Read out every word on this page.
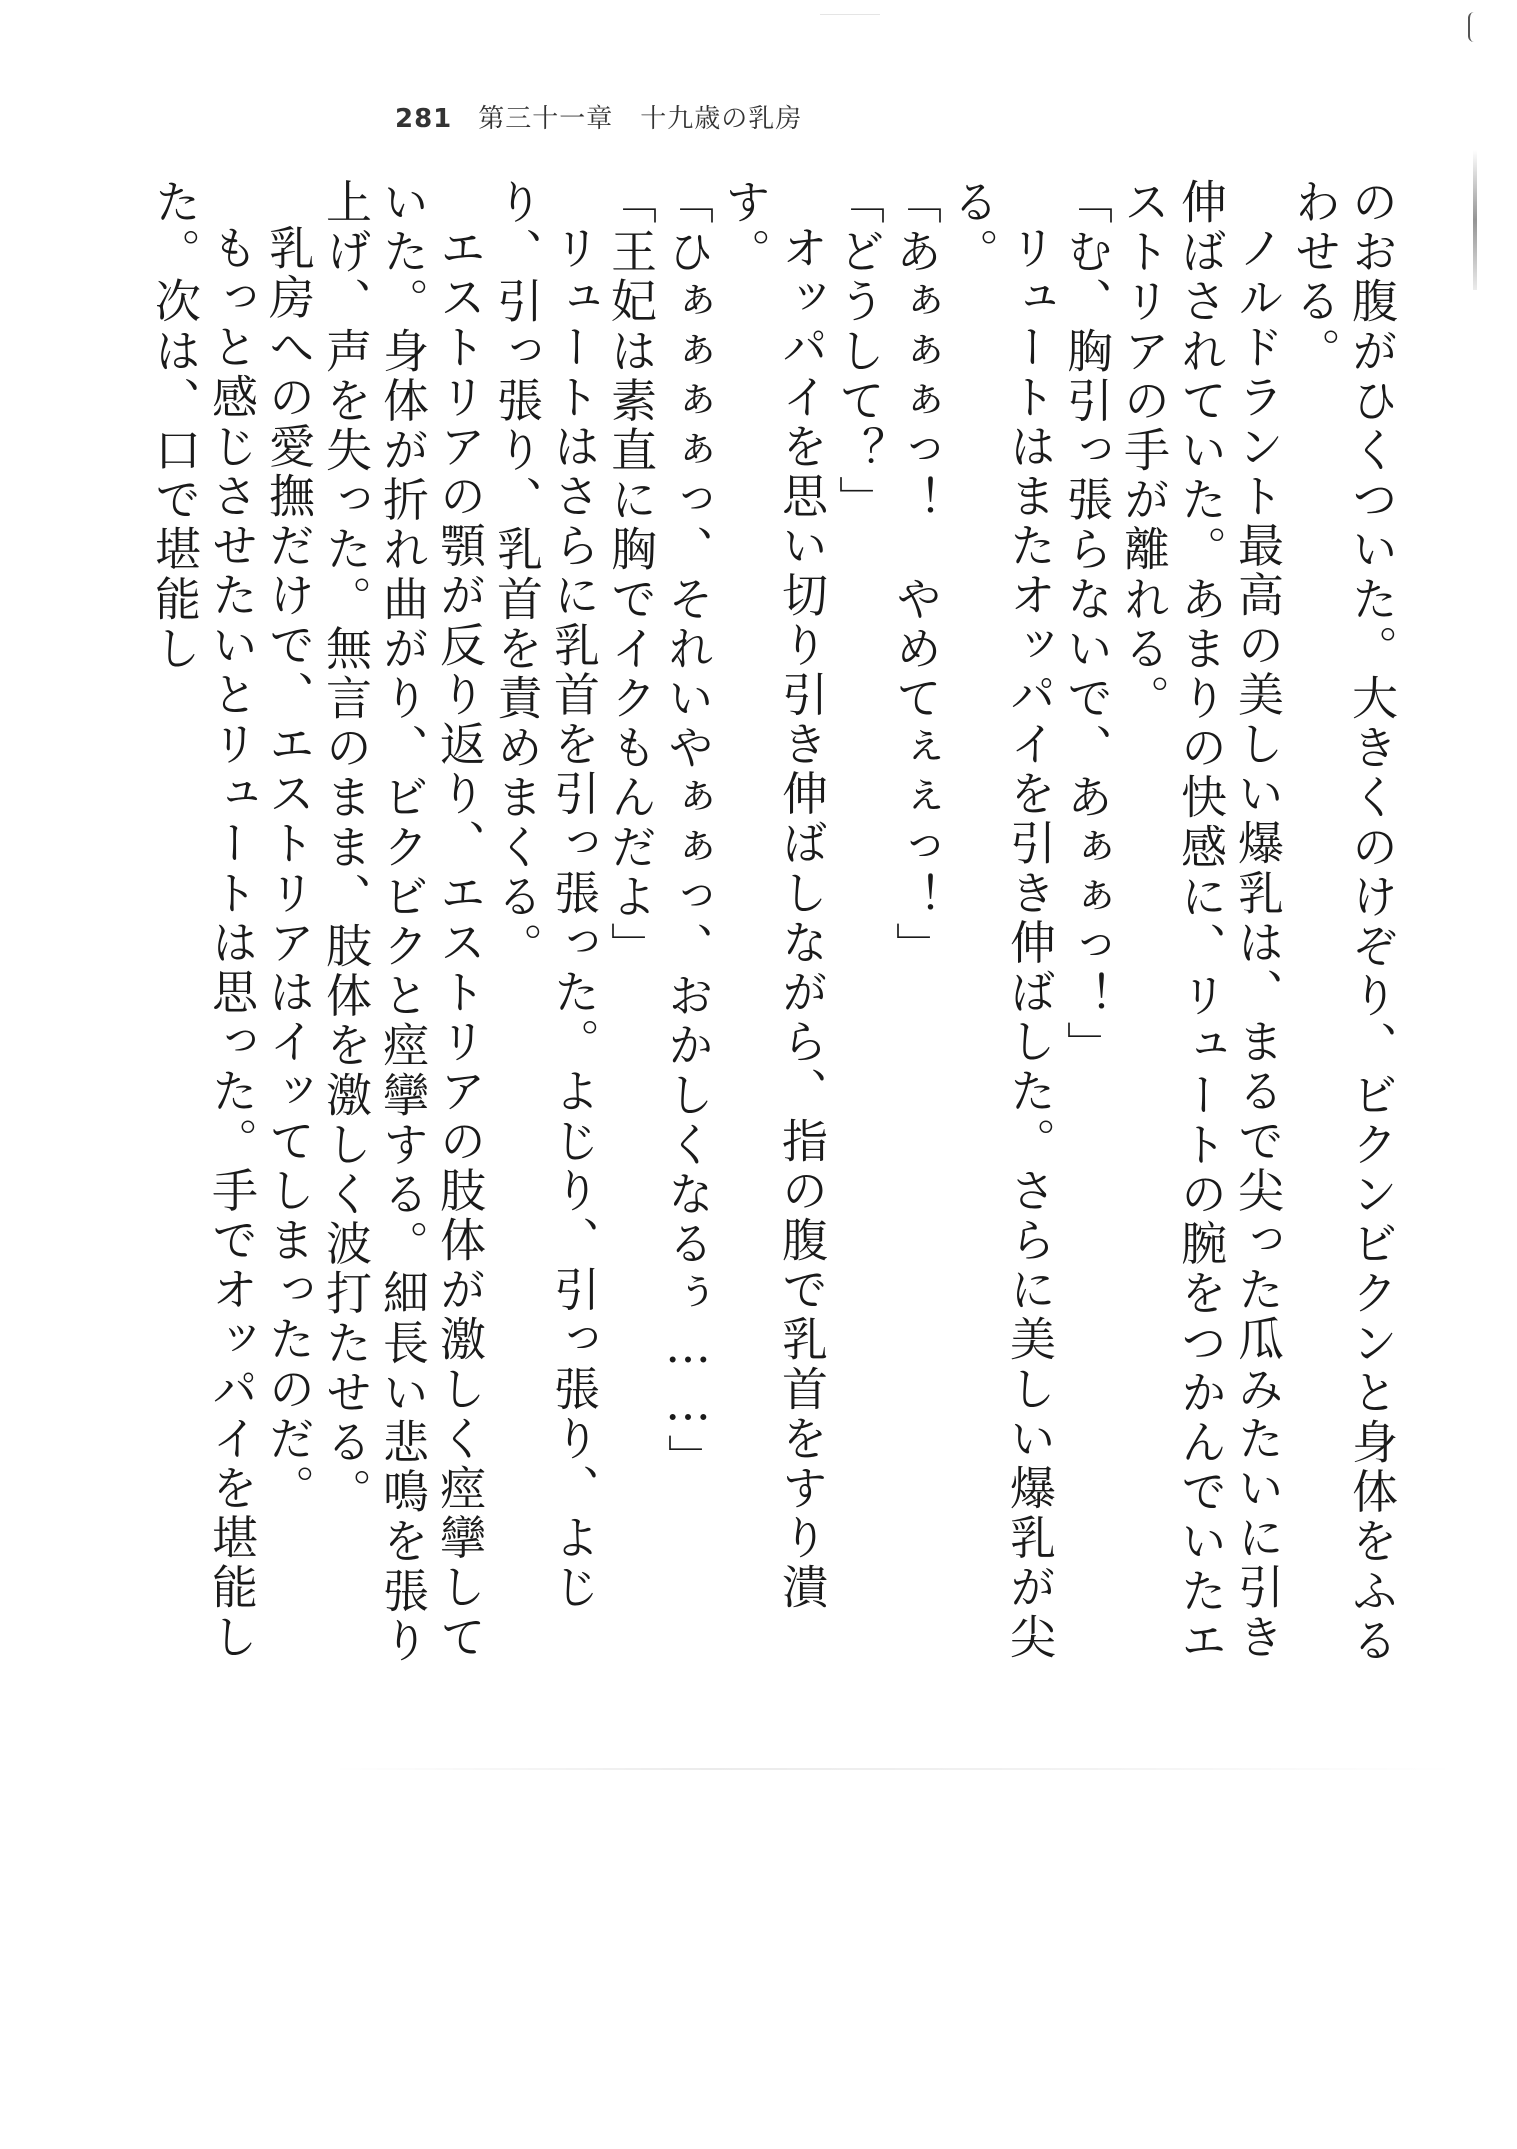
281 第三十一章　十九歳の乳房

のお腹がひくついた。大きくのけぞり、ビクンビクンと身体をふるわせる。

ノルドラント最高の美しい爆乳は、まるで尖った瓜みたいに引き伸ばされていた。あまりの快感に、リュートの腕をつかんでいたエストリアの手が離れる。

「む、胸引っ張らないで、あぁぁっ！」

リュートはまたオッパイを引き伸ばした。さらに美しい爆乳が尖る。

「あぁぁぁっ！　やめてぇぇっ！」

「どうして？」

オッパイを思い切り引き伸ばしながら、指の腹で乳首をすり潰す。

「ひぁぁぁぁっ、それいやぁぁっ、おかしくなるぅ……」

「王妃は素直に胸でイクもんだよ」

リュートはさらに乳首を引っ張った。よじり、引っ張り、よじり、引っ張り、乳首を責めまくる。

エストリアの顎が反り返り、エストリアの肢体が激しく痙攣していた。身体が折れ曲がり、ビクビクと痙攣する。細長い悲鳴を張り上げ、声を失った。無言のまま、肢体を激しく波打たせる。

乳房への愛撫だけで、エストリアはイッてしまったのだ。

もっと感じさせたいとリュートは思った。手でオッパイを堪能した。次は、口で堪能し
